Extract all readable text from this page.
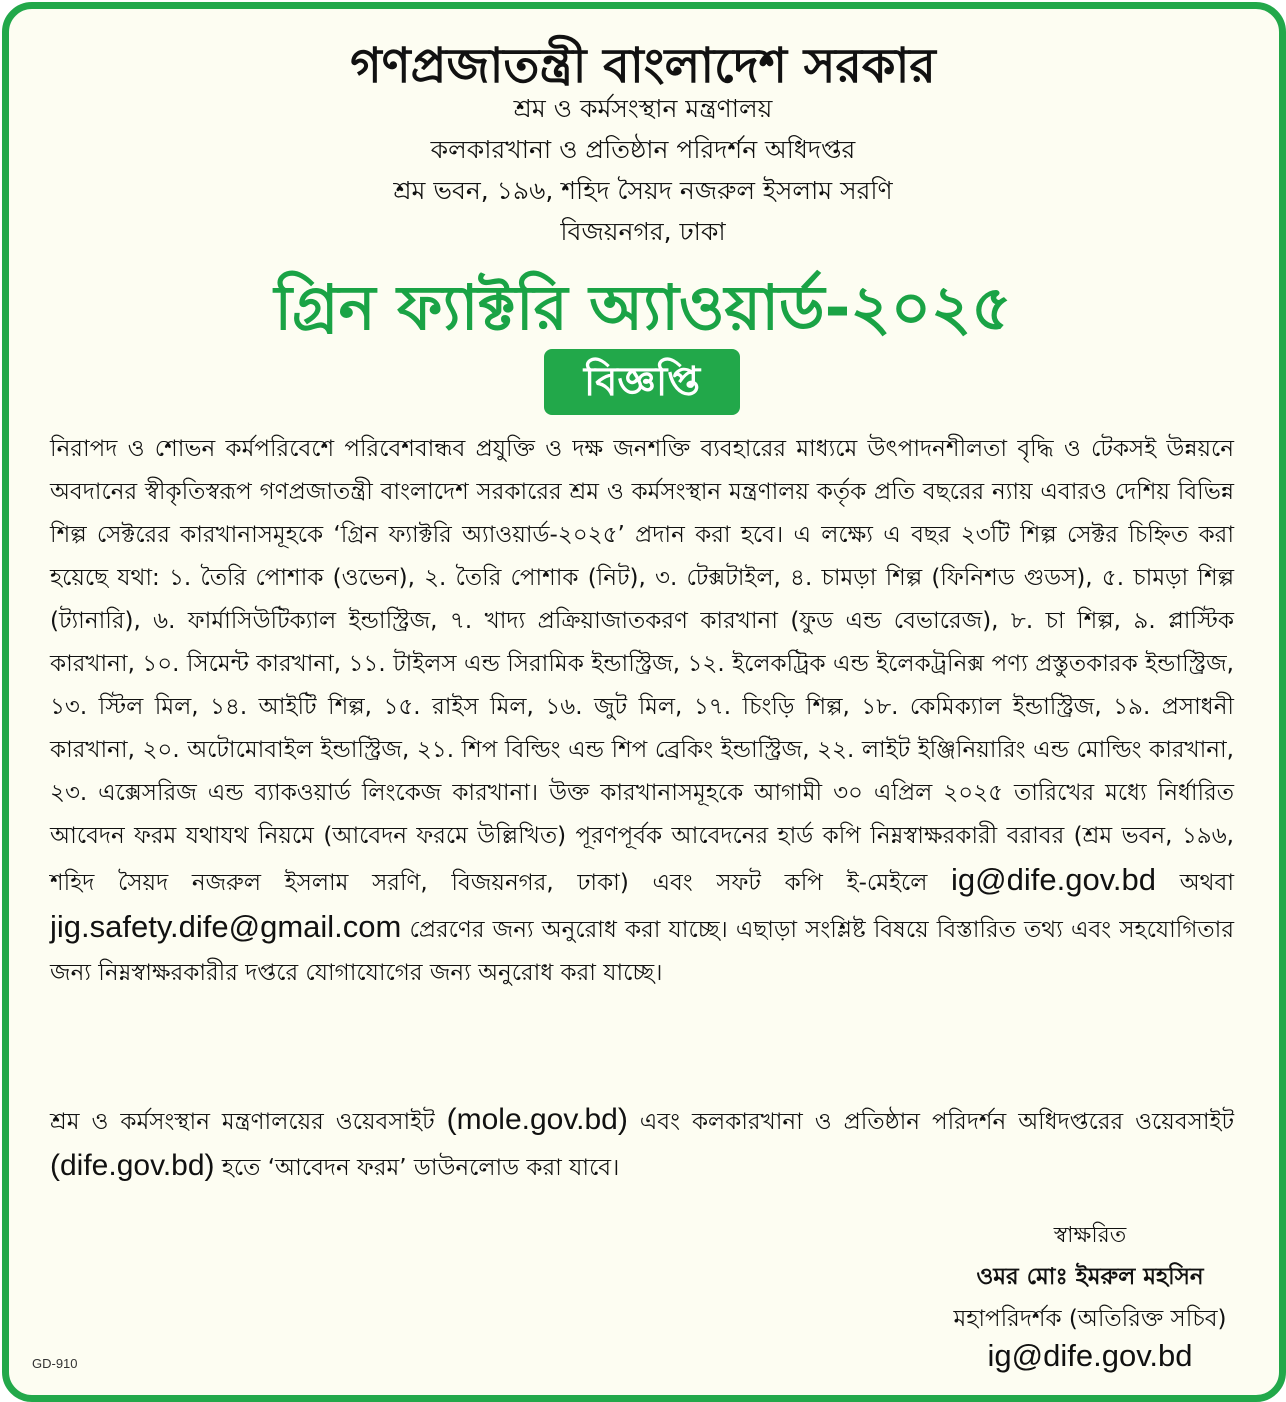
গণপ্রজাতন্ত্রী বাংলাদেশ সরকার
শ্রম ও কর্মসংস্থান মন্ত্রণালয়
কলকারখানা ও প্রতিষ্ঠান পরিদর্শন অধিদপ্তর
শ্রম ভবন, ১৯৬, শহিদ সৈয়দ নজরুল ইসলাম সরণি
বিজয়নগর, ঢাকা
গ্রিন ফ্যাক্টরি অ্যাওয়ার্ড-২০২৫
বিজ্ঞপ্তি
নিরাপদ ও শোভন কর্মপরিবেশে পরিবেশবান্ধব প্রযুক্তি ও দক্ষ জনশক্তি ব্যবহারের মাধ্যমে উৎপাদনশীলতা বৃদ্ধি ও টেকসই উন্নয়নে অবদানের স্বীকৃতিস্বরূপ গণপ্রজাতন্ত্রী বাংলাদেশ সরকারের শ্রম ও কর্মসংস্থান মন্ত্রণালয় কর্তৃক প্রতি বছরের ন্যায় এবারও দেশিয় বিভিন্ন শিল্প সেক্টরের কারখানাসমূহকে ‘গ্রিন ফ্যাক্টরি অ্যাওয়ার্ড-২০২৫’ প্রদান করা হবে। এ লক্ষ্যে এ বছর ২৩টি শিল্প সেক্টর চিহ্নিত করা হয়েছে যথা: ১. তৈরি পোশাক (ওভেন), ২. তৈরি পোশাক (নিট), ৩. টেক্সটাইল, ৪. চামড়া শিল্প (ফিনিশড গুডস), ৫. চামড়া শিল্প (ট্যানারি), ৬. ফার্মাসিউটিক্যাল ইন্ডাস্ট্রিজ, ৭. খাদ্য প্রক্রিয়াজাতকরণ কারখানা (ফুড এন্ড বেভারেজ), ৮. চা শিল্প, ৯. প্লাস্টিক কারখানা, ১০. সিমেন্ট কারখানা, ১১. টাইলস এন্ড সিরামিক ইন্ডাস্ট্রিজ, ১২. ইলেকট্রিক এন্ড ইলেকট্রনিক্স পণ্য প্রস্তুতকারক ইন্ডাস্ট্রিজ, ১৩. স্টিল মিল, ১৪. আইটি শিল্প, ১৫. রাইস মিল, ১৬. জুট মিল, ১৭. চিংড়ি শিল্প, ১৮. কেমিক্যাল ইন্ডাস্ট্রিজ, ১৯. প্রসাধনী কারখানা, ২০. অটোমোবাইল ইন্ডাস্ট্রিজ, ২১. শিপ বিল্ডিং এন্ড শিপ ব্রেকিং ইন্ডাস্ট্রিজ, ২২. লাইট ইঞ্জিনিয়ারিং এন্ড মোল্ডিং কারখানা, ২৩. এক্সেসরিজ এন্ড ব্যাকওয়ার্ড লিংকেজ কারখানা। উক্ত কারখানাসমূহকে আগামী ৩০ এপ্রিল ২০২৫ তারিখের মধ্যে নির্ধারিত আবেদন ফরম যথাযথ নিয়মে (আবেদন ফরমে উল্লিখিত) পূরণপূর্বক আবেদনের হার্ড কপি নিম্নস্বাক্ষরকারী বরাবর (শ্রম ভবন, ১৯৬, শহিদ সৈয়দ নজরুল ইসলাম সরণি, বিজয়নগর, ঢাকা) এবং সফট কপি ই-মেইলে ig@dife.gov.bd অথবা jig.safety.dife@gmail.com প্রেরণের জন্য অনুরোধ করা যাচ্ছে। এছাড়া সংশ্লিষ্ট বিষয়ে বিস্তারিত তথ্য এবং সহযোগিতার জন্য নিম্নস্বাক্ষরকারীর দপ্তরে যোগাযোগের জন্য অনুরোধ করা যাচ্ছে।
শ্রম ও কর্মসংস্থান মন্ত্রণালয়ের ওয়েবসাইট (mole.gov.bd) এবং কলকারখানা ও প্রতিষ্ঠান পরিদর্শন অধিদপ্তরের ওয়েবসাইট (dife.gov.bd) হতে ‘আবেদন ফরম’ ডাউনলোড করা যাবে।
স্বাক্ষরিত
ওমর মোঃ ইমরুল মহসিন
মহাপরিদর্শক (অতিরিক্ত সচিব)
ig@dife.gov.bd
GD-910
